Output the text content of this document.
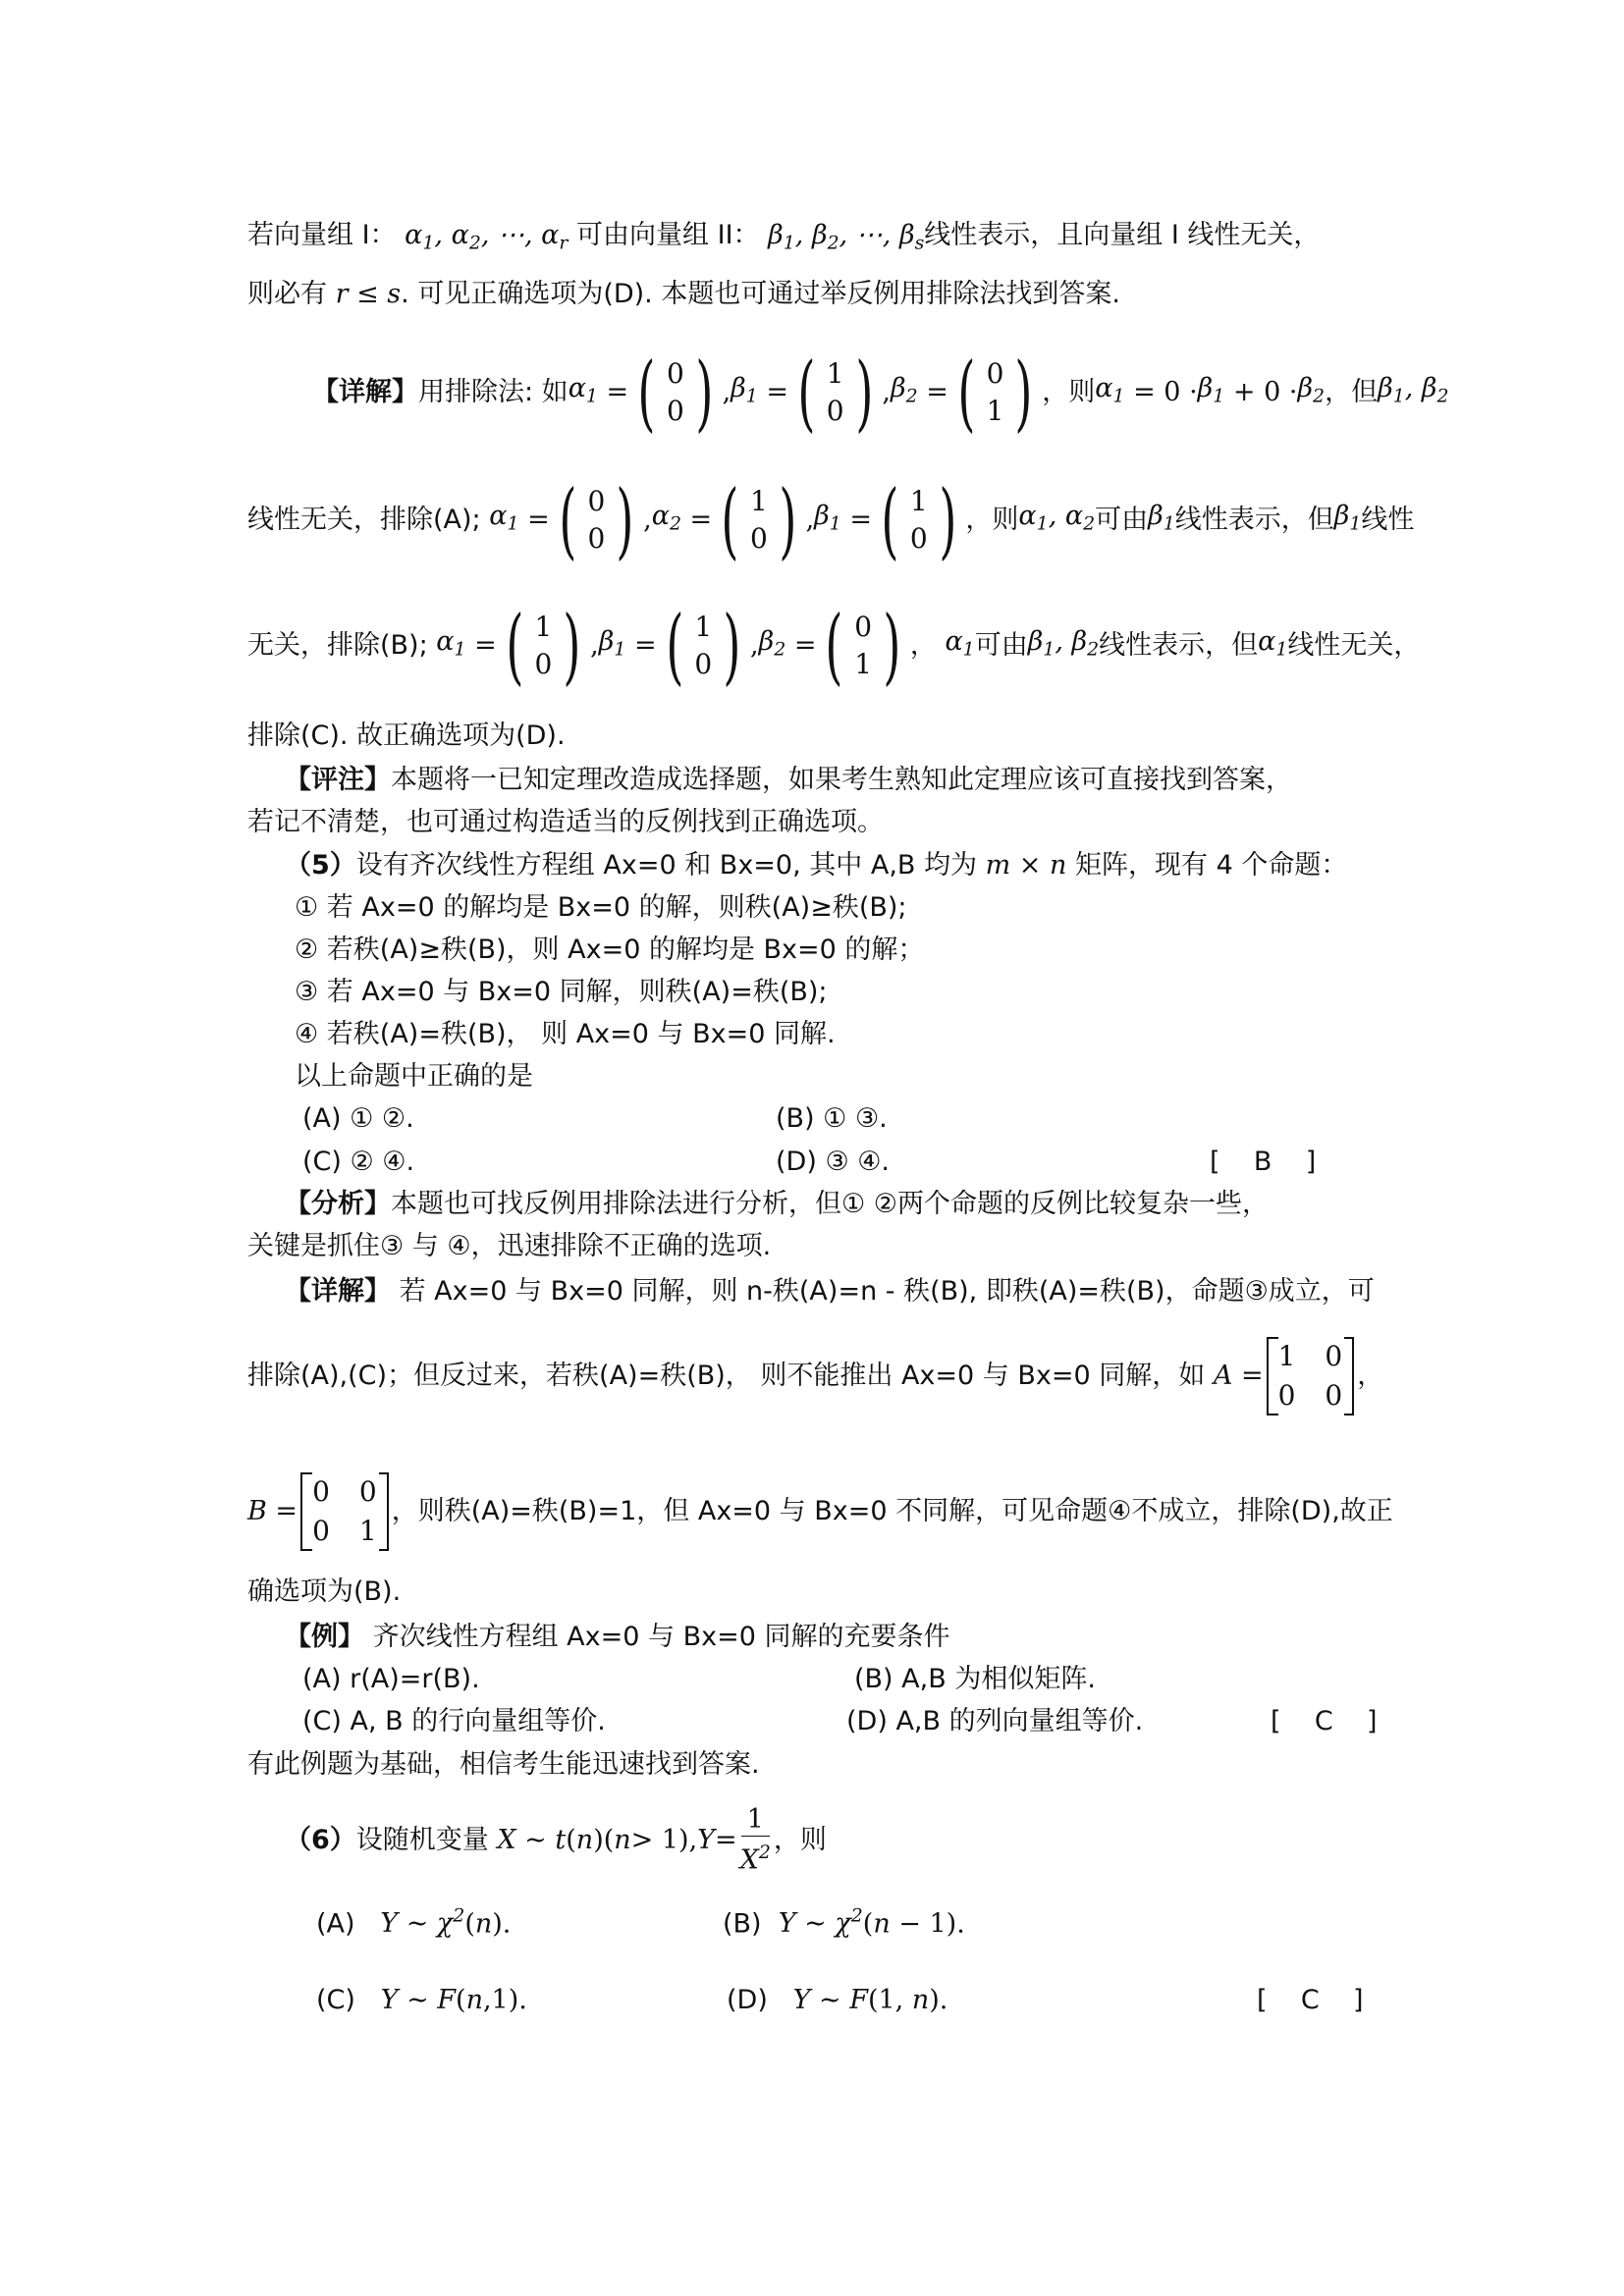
若向量组 I： $\alpha_1$, $\alpha_2$, ⋯, $\alpha_r$ 可由向量组 II： $\beta_1$, $\beta_2$, ⋯, $\beta_s$线性表示，且向量组 I 线性无关，
则必有 r ≤ s. 可见正确选项为(D). 本题也可通过举反例用排除法找到答案.
【详解】 用排除法: 如 $\alpha_1$ = ( 0
0 ) , $\beta_1$ = ( 1
0 ) , $\beta_2$ = ( 0
1 ) ，则 $\alpha_1 = 0 \cdot \beta_1 + 0 \cdot \beta_2$ ，但 $\beta_1$, $\beta_2$
线性无关，排除(A);
$\alpha_1$ = ( 0
0 ) , $\alpha_2$ = ( 1
0 ) , $\beta_1$ = ( 1
0 ) ，则 $\alpha_1$, $\alpha_2$ 可由 $\beta_1$ 线性表示，但 $\beta_1$ 线性
无关，排除(B);
$\alpha_1$ = ( 1
0 ) , $\beta_1$ = ( 1
0 ) , $\beta_2$ = ( 0
1 ) ，
$\alpha_1$ 可由 $\beta_1$, $\beta_2$ 线性表示，但 $\alpha_1$ 线性无关，
排除(C). 故正确选项为(D).
【评注】本题将一已知定理改造成选择题，如果考生熟知此定理应该可直接找到答案，
若记不清楚，也可通过构造适当的反例找到正确选项。
（5）设有齐次线性方程组 Ax=0 和 Bx=0, 其中 A,B 均为 m × n 矩阵，现有 4 个命题：
① 若 Ax=0 的解均是 Bx=0 的解，则秩(A)≥秩(B);
② 若秩(A)≥秩(B)，则 Ax=0 的解均是 Bx=0 的解；
③ 若 Ax=0 与 Bx=0 同解，则秩(A)=秩(B);
④ 若秩(A)=秩(B)， 则 Ax=0 与 Bx=0 同解.
以上命题中正确的是
(A) ① ②.	(B) ① ③.
(C) ② ④.	(D) ③ ④.	[    B    ]
【分析】本题也可找反例用排除法进行分析，但① ②两个命题的反例比较复杂一些，
关键是抓住③ 与 ④，迅速排除不正确的选项.
【详解】 若 Ax=0 与 Bx=0 同解，则 n-秩(A)=n - 秩(B), 即秩(A)=秩(B)，命题③成立，可
排除(A),(C)；但反过来，若秩(A)=秩(B)， 则不能推出 Ax=0 与 Bx=0 同解，如 A =
1 0
0 0
，
B =
0 0
0 1
，则秩(A)=秩(B)=1，但 Ax=0 与 Bx=0 不同解，可见命题④不成立，排除(D),故正
确选项为(B).
【例】 齐次线性方程组 Ax=0 与 Bx=0 同解的充要条件
(A) r(A)=r(B).	(B) A,B 为相似矩阵.
(C) A, B 的行向量组等价.	(D) A,B 的列向量组等价.	[    C    ]
有此例题为基础，相信考生能迅速找到答案.
（6） 设随机变量 X ∼ t ( n )( n > 1), $Y = \frac{1}{X^2}$ ，则
(A) Y ∼ $\chi^2(n)$.	(B) Y ∼ $\chi^2(n - 1)$.
(C) Y ∼ F(n,1).	(D) Y ∼ F(1, n).	[    C    ]
